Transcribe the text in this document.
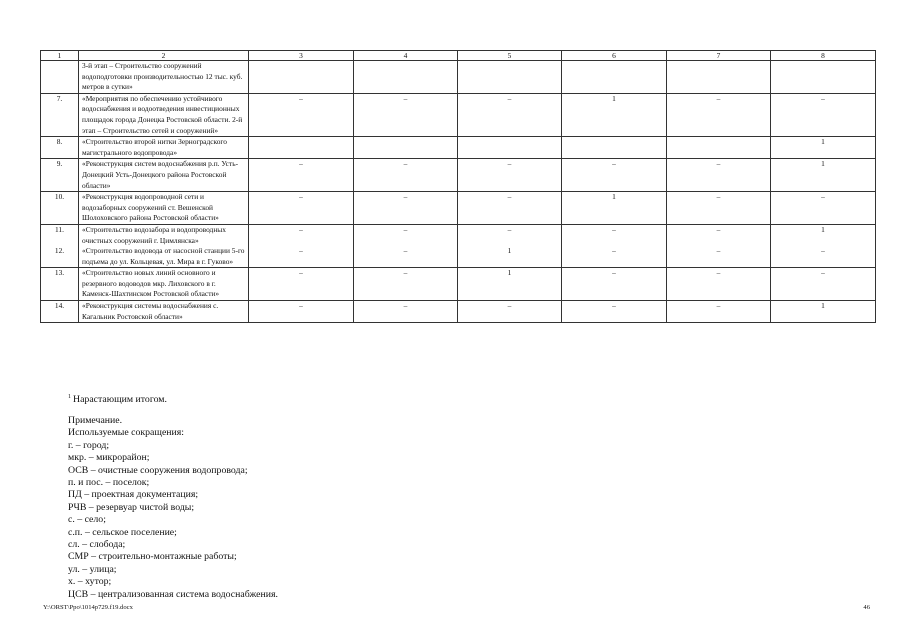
1	2	3	4	5	6	7	8
	3-й этап – Строительство сооружений водоподготовки производительностью 12 тыс. куб. метров в сутки»						
7.	«Мероприятия по обеспечению устойчивого водоснабжения и водоотведения инвестиционных площадок города Донецка Ростовской области. 2-й этап – Строительство сетей и сооружений»	–	–	–	1	–	–
8.	«Строительство второй нитки Зерноградского магистрального водопровода»						1
9.	«Реконструкция систем водоснабжения р.п. Усть-Донецкий Усть-Донецкого района Ростовской области»	–	–	–	–	–	1
10.	«Реконструкция водопроводной сети и водозаборных сооружений ст. Вешенской Шолоховского района Ростовской области»	–	–	–	1	–	–
11.	«Строительство водозабора и водопроводных очистных сооружений г. Цимлянска»	–	–	–	–	–	1
12.	«Строительство водовода от насосной станции 5-го подъема до ул. Кольцевая, ул. Мира в г. Гуково»	–	–	1	–	–	–
13.	«Строительство новых линий основного и резервного водоводов мкр. Лиховского в г. Каменск-Шахтинском Ростовской области»	–	–	1	–	–	–
14.	«Реконструкция системы водоснабжения с. Кагальник Ростовской области»	–	–	–	–	–	1
$^1$ Нарастающим итогом.
Примечание.
Используемые сокращения:
г. – город;
мкр. – микрорайон;
ОСВ – очистные сооружения водопровода;
п. и пос. – поселок;
ПД – проектная документация;
РЧВ – резервуар чистой воды;
с. – село;
с.п. – сельское поселение;
сл. – слобода;
СМР – строительно-монтажные работы;
ул. – улица;
х. – хутор;
ЦСВ – централизованная система водоснабжения.
Y:\ORST\Ppo\1014p729.f19.docx	46
